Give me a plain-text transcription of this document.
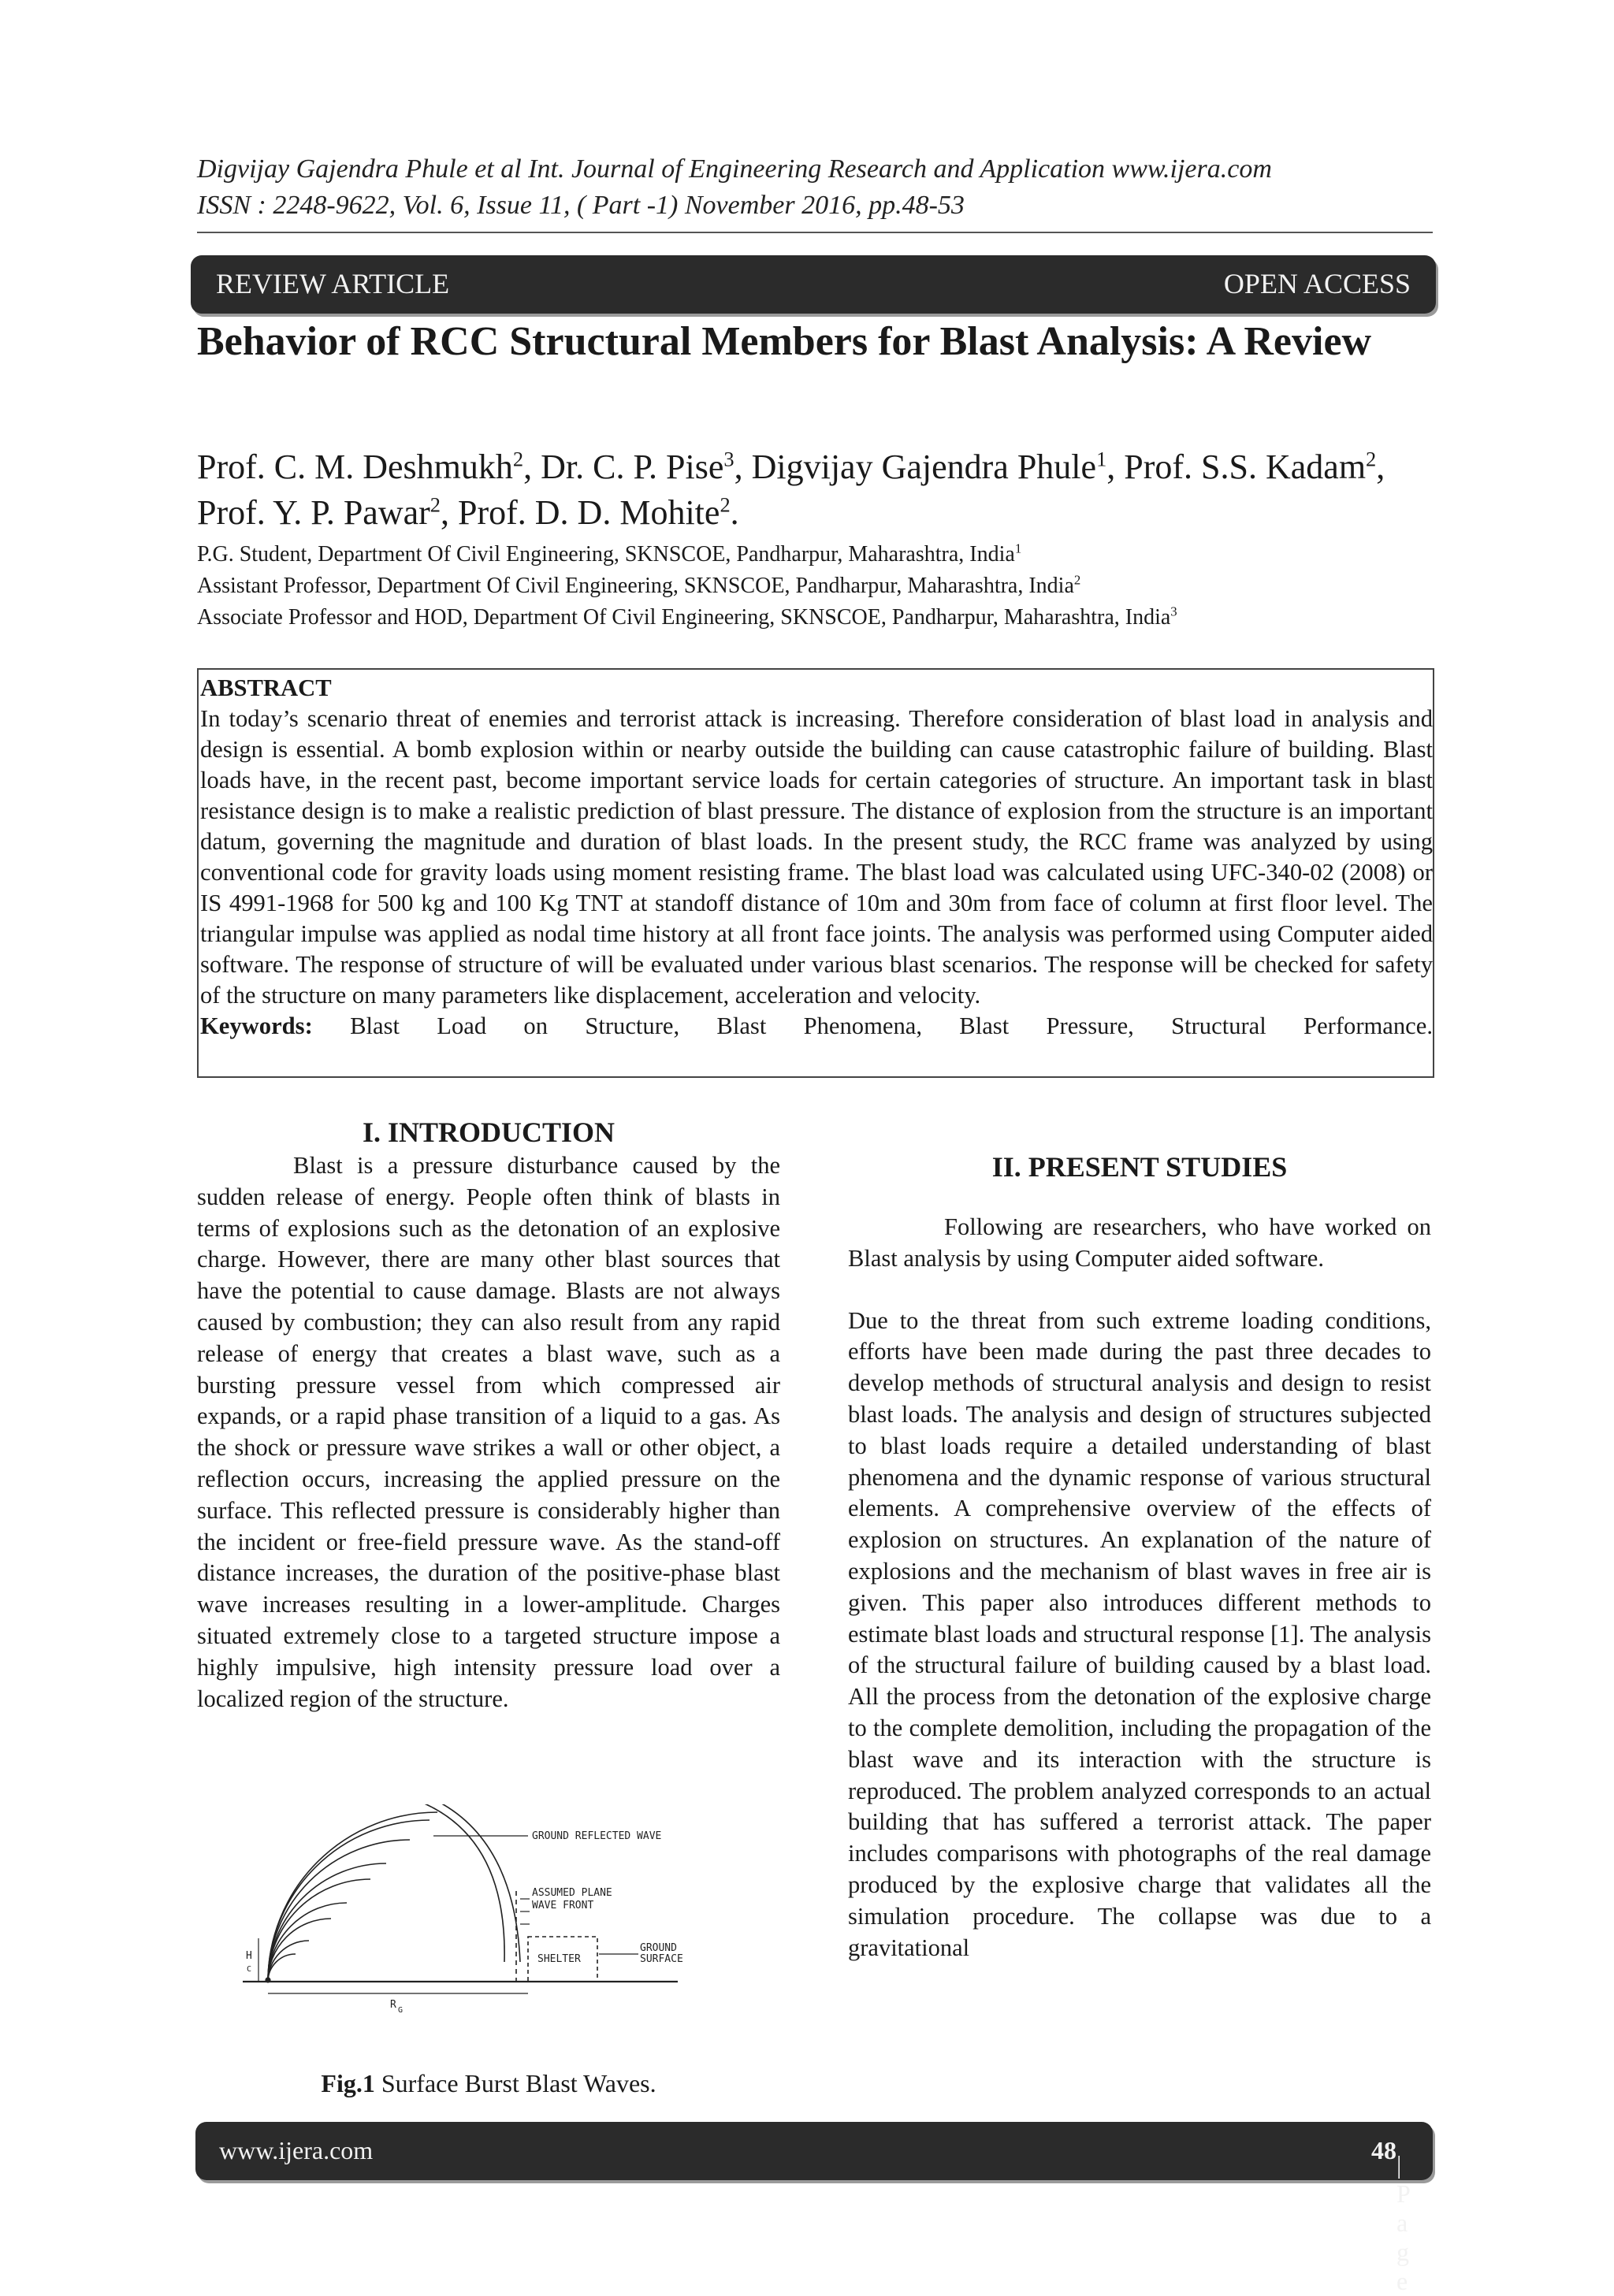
Digvijay Gajendra Phule et al Int. Journal of Engineering Research and Application www.ijera.com
ISSN : 2248-9622, Vol. 6, Issue 11, ( Part -1) November 2016, pp.48-53
REVIEW ARTICLE	OPEN ACCESS
Behavior of RCC Structural Members for Blast Analysis: A Review
Prof. C. M. Deshmukh$^2$, Dr. C. P. Pise$^3$, Digvijay Gajendra Phule$^1$, Prof. S.S. Kadam$^2$, Prof. Y. P. Pawar$^2$, Prof. D. D. Mohite$^2$.
P.G. Student, Department Of Civil Engineering, SKNSCOE, Pandharpur, Maharashtra, India$^1$
Assistant Professor, Department Of Civil Engineering, SKNSCOE, Pandharpur, Maharashtra, India$^2$
Associate Professor and HOD, Department Of Civil Engineering, SKNSCOE, Pandharpur, Maharashtra, India$^3$
ABSTRACT
In today’s scenario threat of enemies and terrorist attack is increasing. Therefore consideration of blast load in analysis and design is essential. A bomb explosion within or nearby outside the building can cause catastrophic failure of building. Blast loads have, in the recent past, become important service loads for certain categories of structure. An important task in blast resistance design is to make a realistic prediction of blast pressure. The distance of explosion from the structure is an important datum, governing the magnitude and duration of blast loads. In the present study, the RCC frame was analyzed by using conventional code for gravity loads using moment resisting frame. The blast load was calculated using UFC-340-02 (2008) or IS 4991-1968 for 500 kg and 100 Kg TNT at standoff distance of 10m and 30m from face of column at first floor level. The triangular impulse was applied as nodal time history at all front face joints. The analysis was performed using Computer aided software. The response of structure of will be evaluated under various blast scenarios. The response will be checked for safety of the structure on many parameters like displacement, acceleration and velocity.
Keywords: Blast Load on Structure, Blast Phenomena, Blast Pressure, Structural Performance.
I. INTRODUCTION

Blast is a pressure disturbance caused by the sudden release of energy. People often think of blasts in terms of explosions such as the detonation of an explosive charge. However, there are many other blast sources that have the potential to cause damage. Blasts are not always caused by combustion; they can also result from any rapid release of energy that creates a blast wave, such as a bursting pressure vessel from which compressed air expands, or a rapid phase transition of a liquid to a gas. As the shock or pressure wave strikes a wall or other object, a reflection occurs, increasing the applied pressure on the surface. This reflected pressure is considerably higher than the incident or free-field pressure wave. As the stand-off distance increases, the duration of the positive-phase blast wave increases resulting in a lower-amplitude. Charges situated extremely close to a targeted structure impose a highly impulsive, high intensity pressure load over a localized region of the structure.

GROUND REFLECTED WAVE
ASSUMED PLANE
WAVE FRONT
SHELTER
GROUND
SURFACE
H
C
R G
Fig.1 Surface Burst Blast Waves.
II. PRESENT STUDIES

Following are researchers, who have worked on Blast analysis by using Computer aided software.

Due to the threat from such extreme loading conditions, efforts have been made during the past three decades to develop methods of structural analysis and design to resist blast loads. The analysis and design of structures subjected to blast loads require a detailed understanding of blast phenomena and the dynamic response of various structural elements. A comprehensive overview of the effects of explosion on structures. An explanation of the nature of explosions and the mechanism of blast waves in free air is given. This paper also introduces different methods to estimate blast loads and structural response [1]. The analysis of the structural failure of building caused by a blast load. All the process from the detonation of the explosive charge to the complete demolition, including the propagation of the blast wave and its interaction with the structure is reproduced. The problem analyzed corresponds to an actual building that has suffered a terrorist attack. The paper includes comparisons with photographs of the real damage produced by the explosive charge that validates all the simulation procedure. The collapse was due to a gravitational

www.ijera.com	48 | P a g e
